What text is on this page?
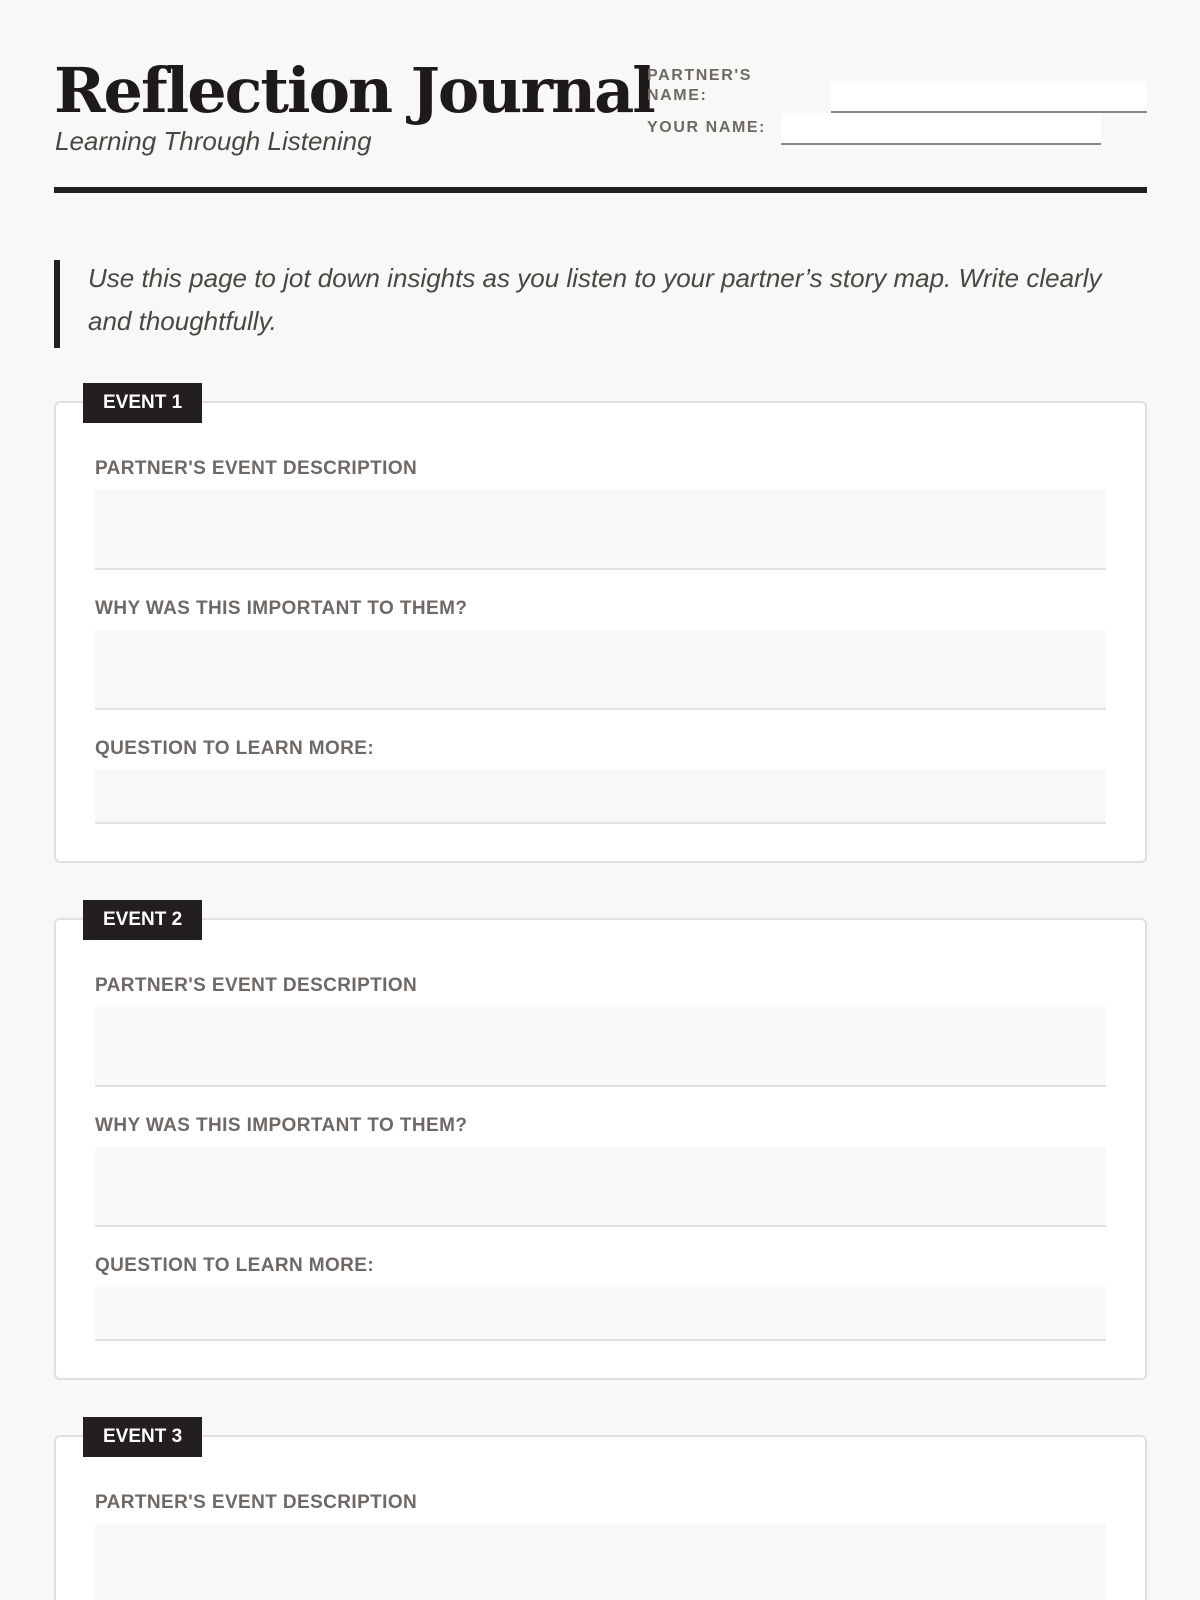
Reflection Journal
Learning Through Listening
PARTNER'S NAME:
YOUR NAME:

Use this page to jot down insights as you listen to your partner’s story map. Write clearly and thoughtfully.

EVENT 1
PARTNER'S EVENT DESCRIPTION
WHY WAS THIS IMPORTANT TO THEM?
QUESTION TO LEARN MORE:
EVENT 2
PARTNER'S EVENT DESCRIPTION
WHY WAS THIS IMPORTANT TO THEM?
QUESTION TO LEARN MORE:
EVENT 3
PARTNER'S EVENT DESCRIPTION
